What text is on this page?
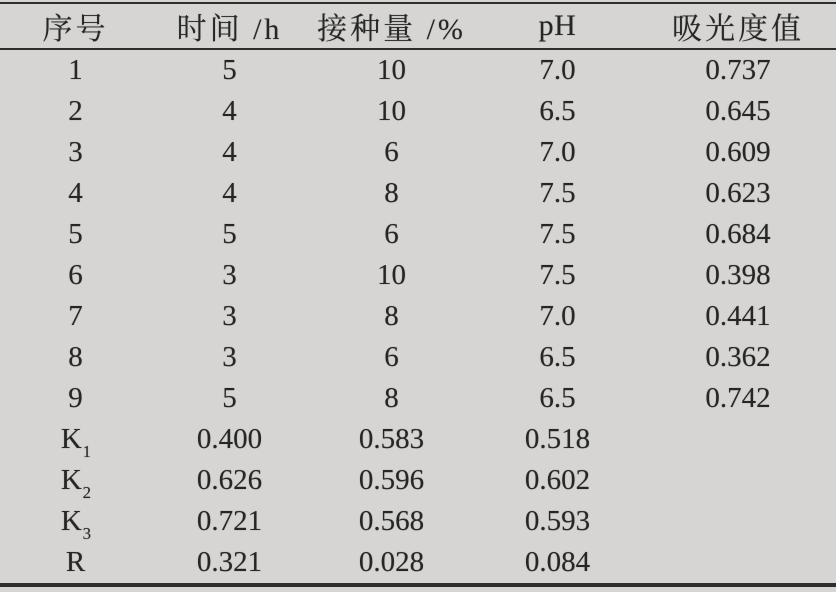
序号	时间 /h	接种量 /%	pH	吸光度值
1	5	10	7.0	0.737
2	4	10	6.5	0.645
3	4	6	7.0	0.609
4	4	8	7.5	0.623
5	5	6	7.5	0.684
6	3	10	7.5	0.398
7	3	8	7.0	0.441
8	3	6	6.5	0.362
9	5	8	6.5	0.742
$K_1$	0.400	0.583	0.518	
$K_2$	0.626	0.596	0.602	
$K_3$	0.721	0.568	0.593	
R	0.321	0.028	0.084	
